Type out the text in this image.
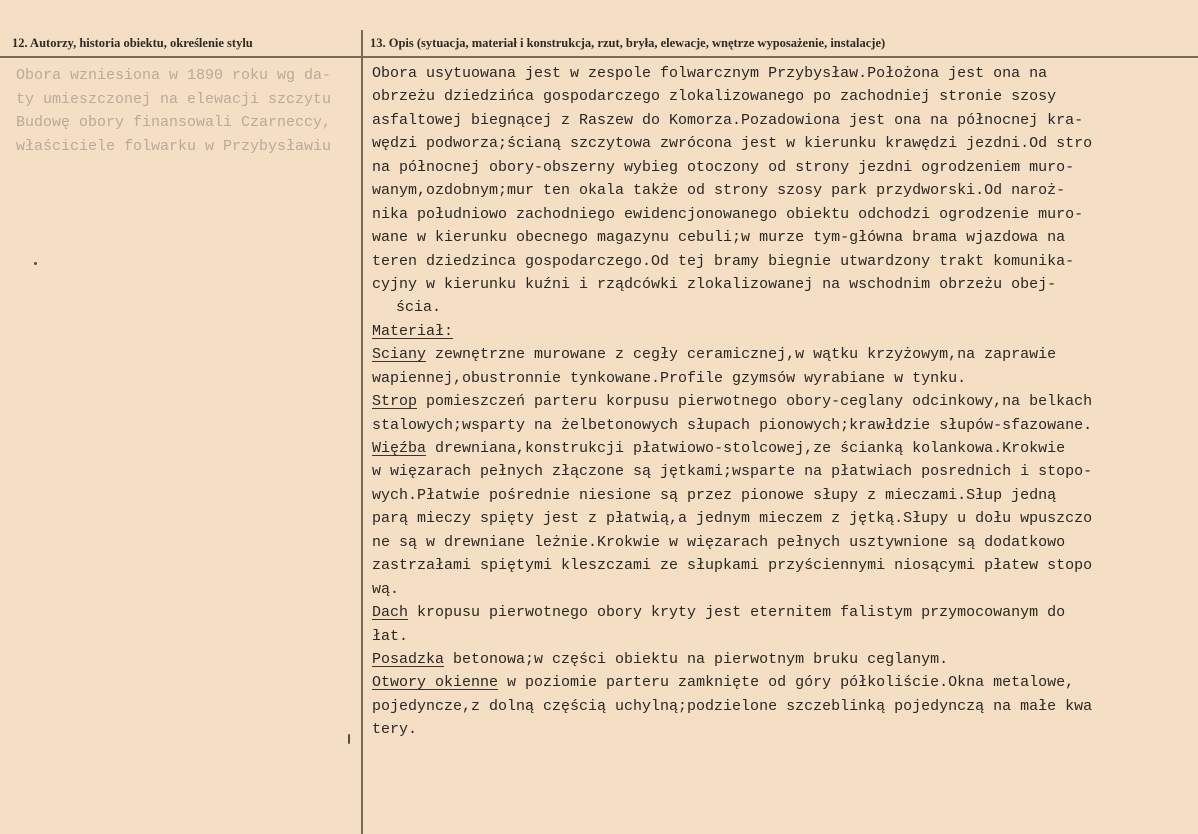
12. Autorzy, historia obiektu, określenie stylu	13. Opis (sytuacja, materiał i konstrukcja, rzut, bryła, elewacje, wnętrze wyposażenie, instalacje)
Obora wzniesiona w 1890 roku wg da-
ty umieszczonej na elewacji szczytu
Budowę obory finansowali Czarneccy,
właściciele folwarku w Przybysławiu
Obora usytuowana jest w zespole folwarcznym Przybysław.Położona jest ona na
obrzeżu dziedzińca gospodarczego zlokalizowanego po zachodniej stronie szosy
asfaltowej biegnącej z Raszew do Komorza.Pozadowiona jest ona na północnej kra-
wędzi podworza;ścianą szczytowa zwrócona jest w kierunku krawędzi jezdni.Od stro
na północnej obory-obszerny wybieg otoczony od strony jezdni ogrodzeniem muro-
wanym,ozdobnym;mur ten okala także od strony szosy park przydworski.Od naroż-
nika południowo zachodniego ewidencjonowanego obiektu odchodzi ogrodzenie muro-
wane w kierunku obecnego magazynu cebuli;w murze tym-główna brama wjazdowa na
teren dziedzinca gospodarczego.Od tej bramy biegnie utwardzony trakt komunika-
cyjny w kierunku kuźni i rządcówki zlokalizowanej na wschodnim obrzeżu obej-
ścia.
Materiał:
Sciany zewnętrzne murowane z cegły ceramicznej,w wątku krzyżowym,na zaprawie
wapiennej,obustronnie tynkowane.Profile gzymsów wyrabiane w tynku.
Strop pomieszczeń parteru korpusu pierwotnego obory-ceglany odcinkowy,na belkach
stalowych;wsparty na żelbetonowych słupach pionowych;krawłdzie słupów-sfazowane.
Więźba drewniana,konstrukcji płatwiowo-stolcowej,ze ścianką kolankowa.Krokwie
w więzarach pełnych złączone są jętkami;wsparte na płatwiach posrednich i stopo-
wych.Płatwie pośrednie niesione są przez pionowe słupy z mieczami.Słup jedną
parą mieczy spięty jest z płatwią,a jednym mieczem z jętką.Słupy u dołu wpuszczo
ne są w drewniane leżnie.Krokwie w więzarach pełnych usztywnione są dodatkowo
zastrzałami spiętymi kleszczami ze słupkami przyściennymi niosącymi płatew stopo
wą.
Dach kropusu pierwotnego obory kryty jest eternitem falistym przymocowanym do
łat.
Posadzka betonowa;w części obiektu na pierwotnym bruku ceglanym.
Otwory okienne w poziomie parteru zamknięte od góry półkoliście.Okna metalowe,
pojedyncze,z dolną częścią uchylną;podzielone szczeblinką pojedynczą na małe kwa
tery.
